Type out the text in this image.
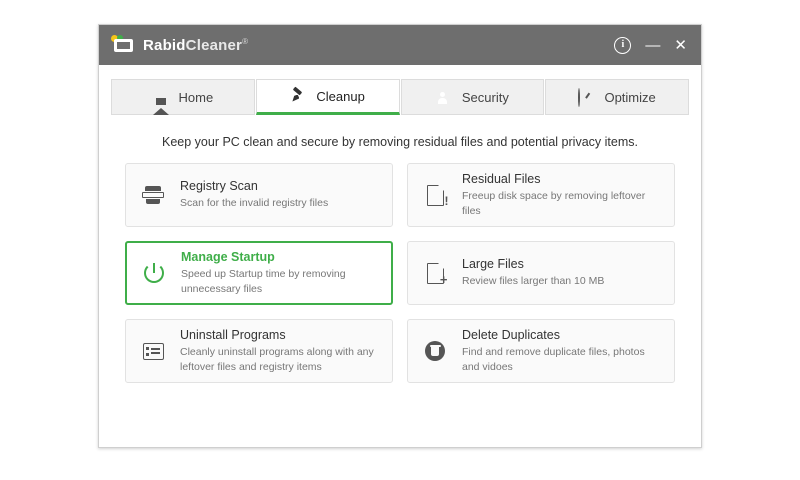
RabidCleaner®	i	— ✕
Home	Cleanup	Security	Optimize
Keep your PC clean and secure by removing residual files and potential privacy items.
Registry Scan
Scan for the invalid registry files	!
Residual Files
Freeup disk space by removing leftover files
Manage Startup
Speed up Startup time by removing unnecessary files
+
Large Files
Review files larger than 10 MB
Uninstall Programs
Cleanly uninstall programs along with any leftover files and registry items
Delete Duplicates
Find and remove duplicate files, photos and vidoes
